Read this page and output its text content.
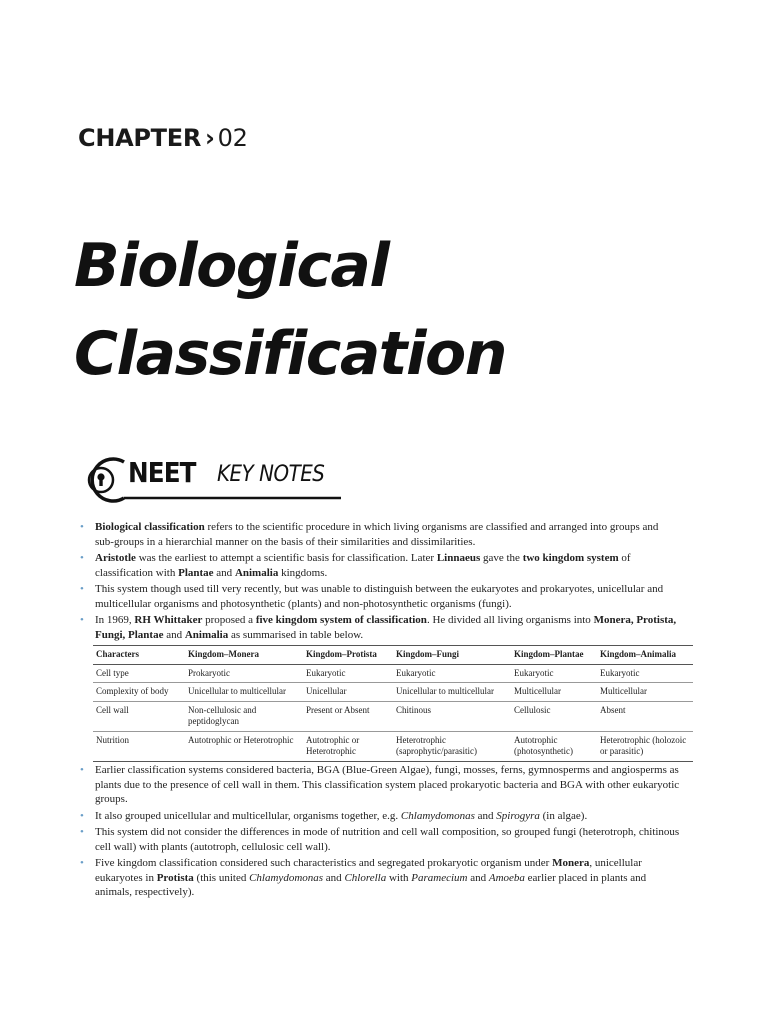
CHAPTER › 02
Biological
Classification
NEET KEY NOTES
• Biological classification refers to the scientific procedure in which living organisms are classified and arranged into groups and sub-groups in a hierarchial manner on the basis of their similarities and dissimilarities.
• Aristotle was the earliest to attempt a scientific basis for classification. Later Linnaeus gave the two kingdom system of classification with Plantae and Animalia kingdoms.
• This system though used till very recently, but was unable to distinguish between the eukaryotes and prokaryotes, unicellular and multicellular organisms and photosynthetic (plants) and non-photosynthetic organisms (fungi).
• In 1969, RH Whittaker proposed a five kingdom system of classification. He divided all living organisms into Monera, Protista, Fungi, Plantae and Animalia as summarised in table below.
Characters	Kingdom–Monera	Kingdom–Protista	Kingdom–Fungi	Kingdom–Plantae	Kingdom–Animalia
Cell type	Prokaryotic	Eukaryotic	Eukaryotic	Eukaryotic	Eukaryotic
Complexity of body	Unicellular to multicellular	Unicellular	Unicellular to multicellular	Multicellular	Multicellular
Cell wall	Non-cellulosic and peptidoglycan	Present or Absent	Chitinous	Cellulosic	Absent
Nutrition	Autotrophic or Heterotrophic	Autotrophic or Heterotrophic	Heterotrophic (saprophytic/parasitic)	Autotrophic (photosynthetic)	Heterotrophic (holozoic or parasitic)
• Earlier classification systems considered bacteria, BGA (Blue-Green Algae), fungi, mosses, ferns, gymnosperms and angiosperms as plants due to the presence of cell wall in them. This classification system placed prokaryotic bacteria and BGA with other eukaryotic groups.
• It also grouped unicellular and multicellular, organisms together, e.g. Chlamydomonas and Spirogyra (in algae).
• This system did not consider the differences in mode of nutrition and cell wall composition, so grouped fungi (heterotroph, chitinous cell wall) with plants (autotroph, cellulosic cell wall).
• Five kingdom classification considered such characteristics and segregated prokaryotic organism under Monera, unicellular eukaryotes in Protista (this united Chlamydomonas and Chlorella with Paramecium and Amoeba earlier placed in plants and animals, respectively).
